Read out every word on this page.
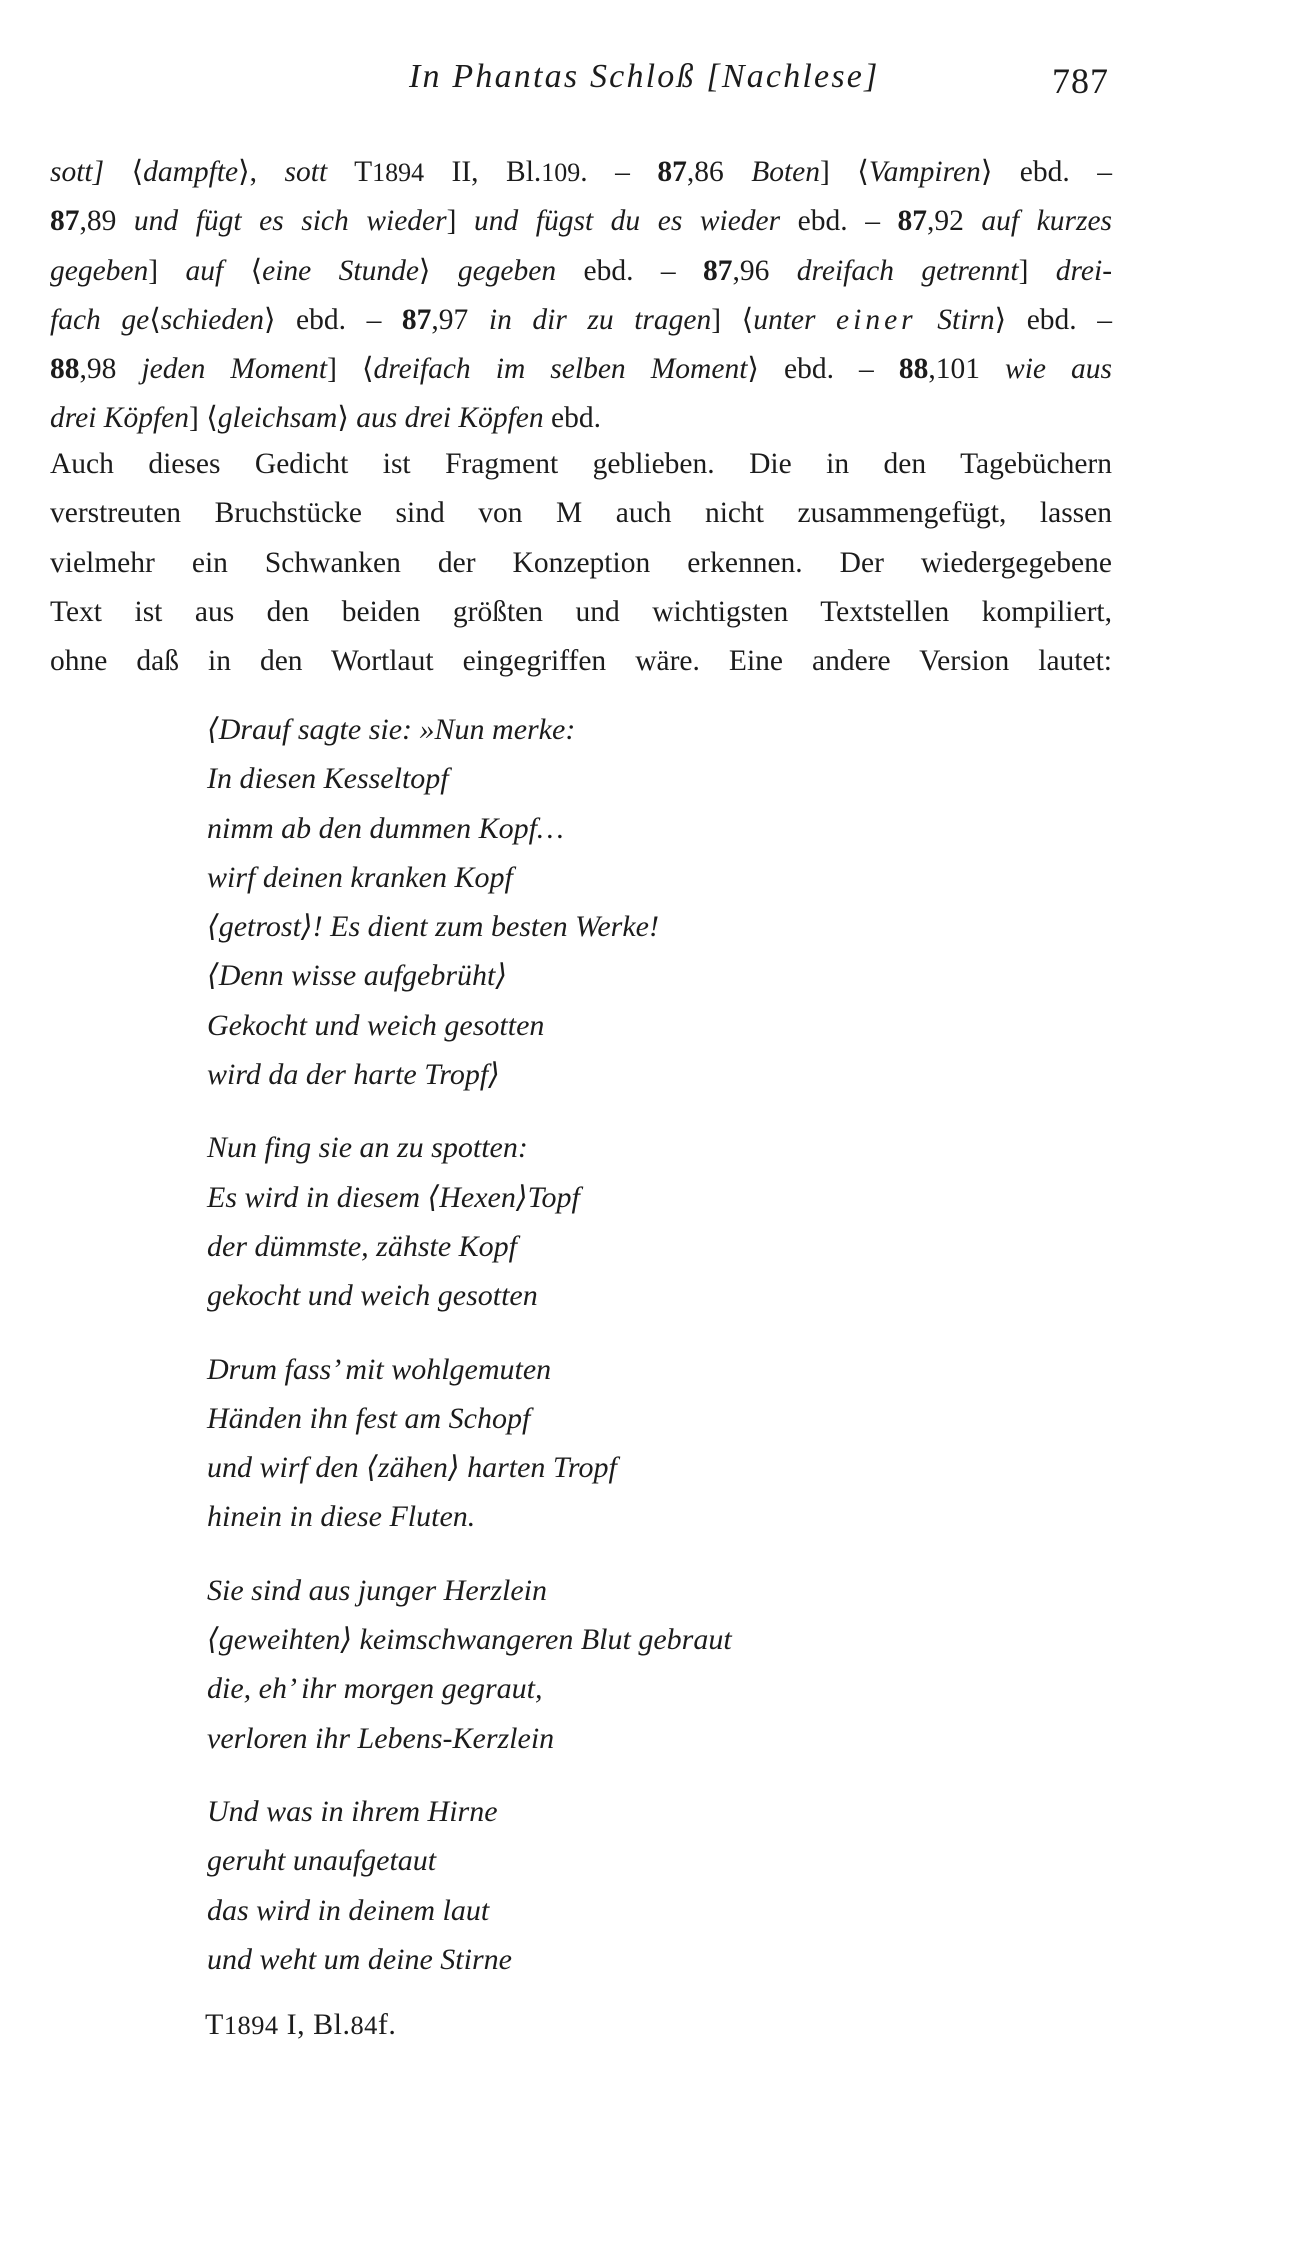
In Phantas Schloß [Nachlese]	787
sott] ⟨dampfte⟩, sott T1894 II, Bl.109. – 87,86 Boten] ⟨Vampiren⟩ ebd. –
87,89 und fügt es sich wieder] und fügst du es wieder ebd. – 87,92 auf kurzes
gegeben] auf ⟨eine Stunde⟩ gegeben ebd. – 87,96 dreifach getrennt] drei-
fach ge⟨schieden⟩ ebd. – 87,97 in dir zu tragen] ⟨unter einer Stirn⟩ ebd. –
88,98 jeden Moment] ⟨dreifach im selben Moment⟩ ebd. – 88,101 wie aus
drei Köpfen] ⟨gleichsam⟩ aus drei Köpfen ebd.
Auch dieses Gedicht ist Fragment geblieben. Die in den Tagebüchern
verstreuten Bruchstücke sind von M auch nicht zusammengefügt, lassen
vielmehr ein Schwanken der Konzeption erkennen. Der wiedergegebene
Text ist aus den beiden größten und wichtigsten Textstellen kompiliert,
ohne daß in den Wortlaut eingegriffen wäre. Eine andere Version lautet:
⟨Drauf sagte sie: »Nun merke:
In diesen Kesseltopf
nimm ab den dummen Kopf…
wirf deinen kranken Kopf
⟨getrost⟩! Es dient zum besten Werke!
⟨Denn wisse aufgebrüht⟩
Gekocht und weich gesotten
wird da der harte Tropf⟩
Nun fing sie an zu spotten:
Es wird in diesem ⟨Hexen⟩Topf
der dümmste, zähste Kopf
gekocht und weich gesotten
Drum fass’ mit wohlgemuten
Händen ihn fest am Schopf
und wirf den ⟨zähen⟩ harten Tropf
hinein in diese Fluten.
Sie sind aus junger Herzlein
⟨geweihten⟩ keimschwangeren Blut gebraut
die, eh’ ihr morgen gegraut,
verloren ihr Lebens-Kerzlein
Und was in ihrem Hirne
geruht unaufgetaut
das wird in deinem laut
und weht um deine Stirne
T1894 I, Bl.84f.
